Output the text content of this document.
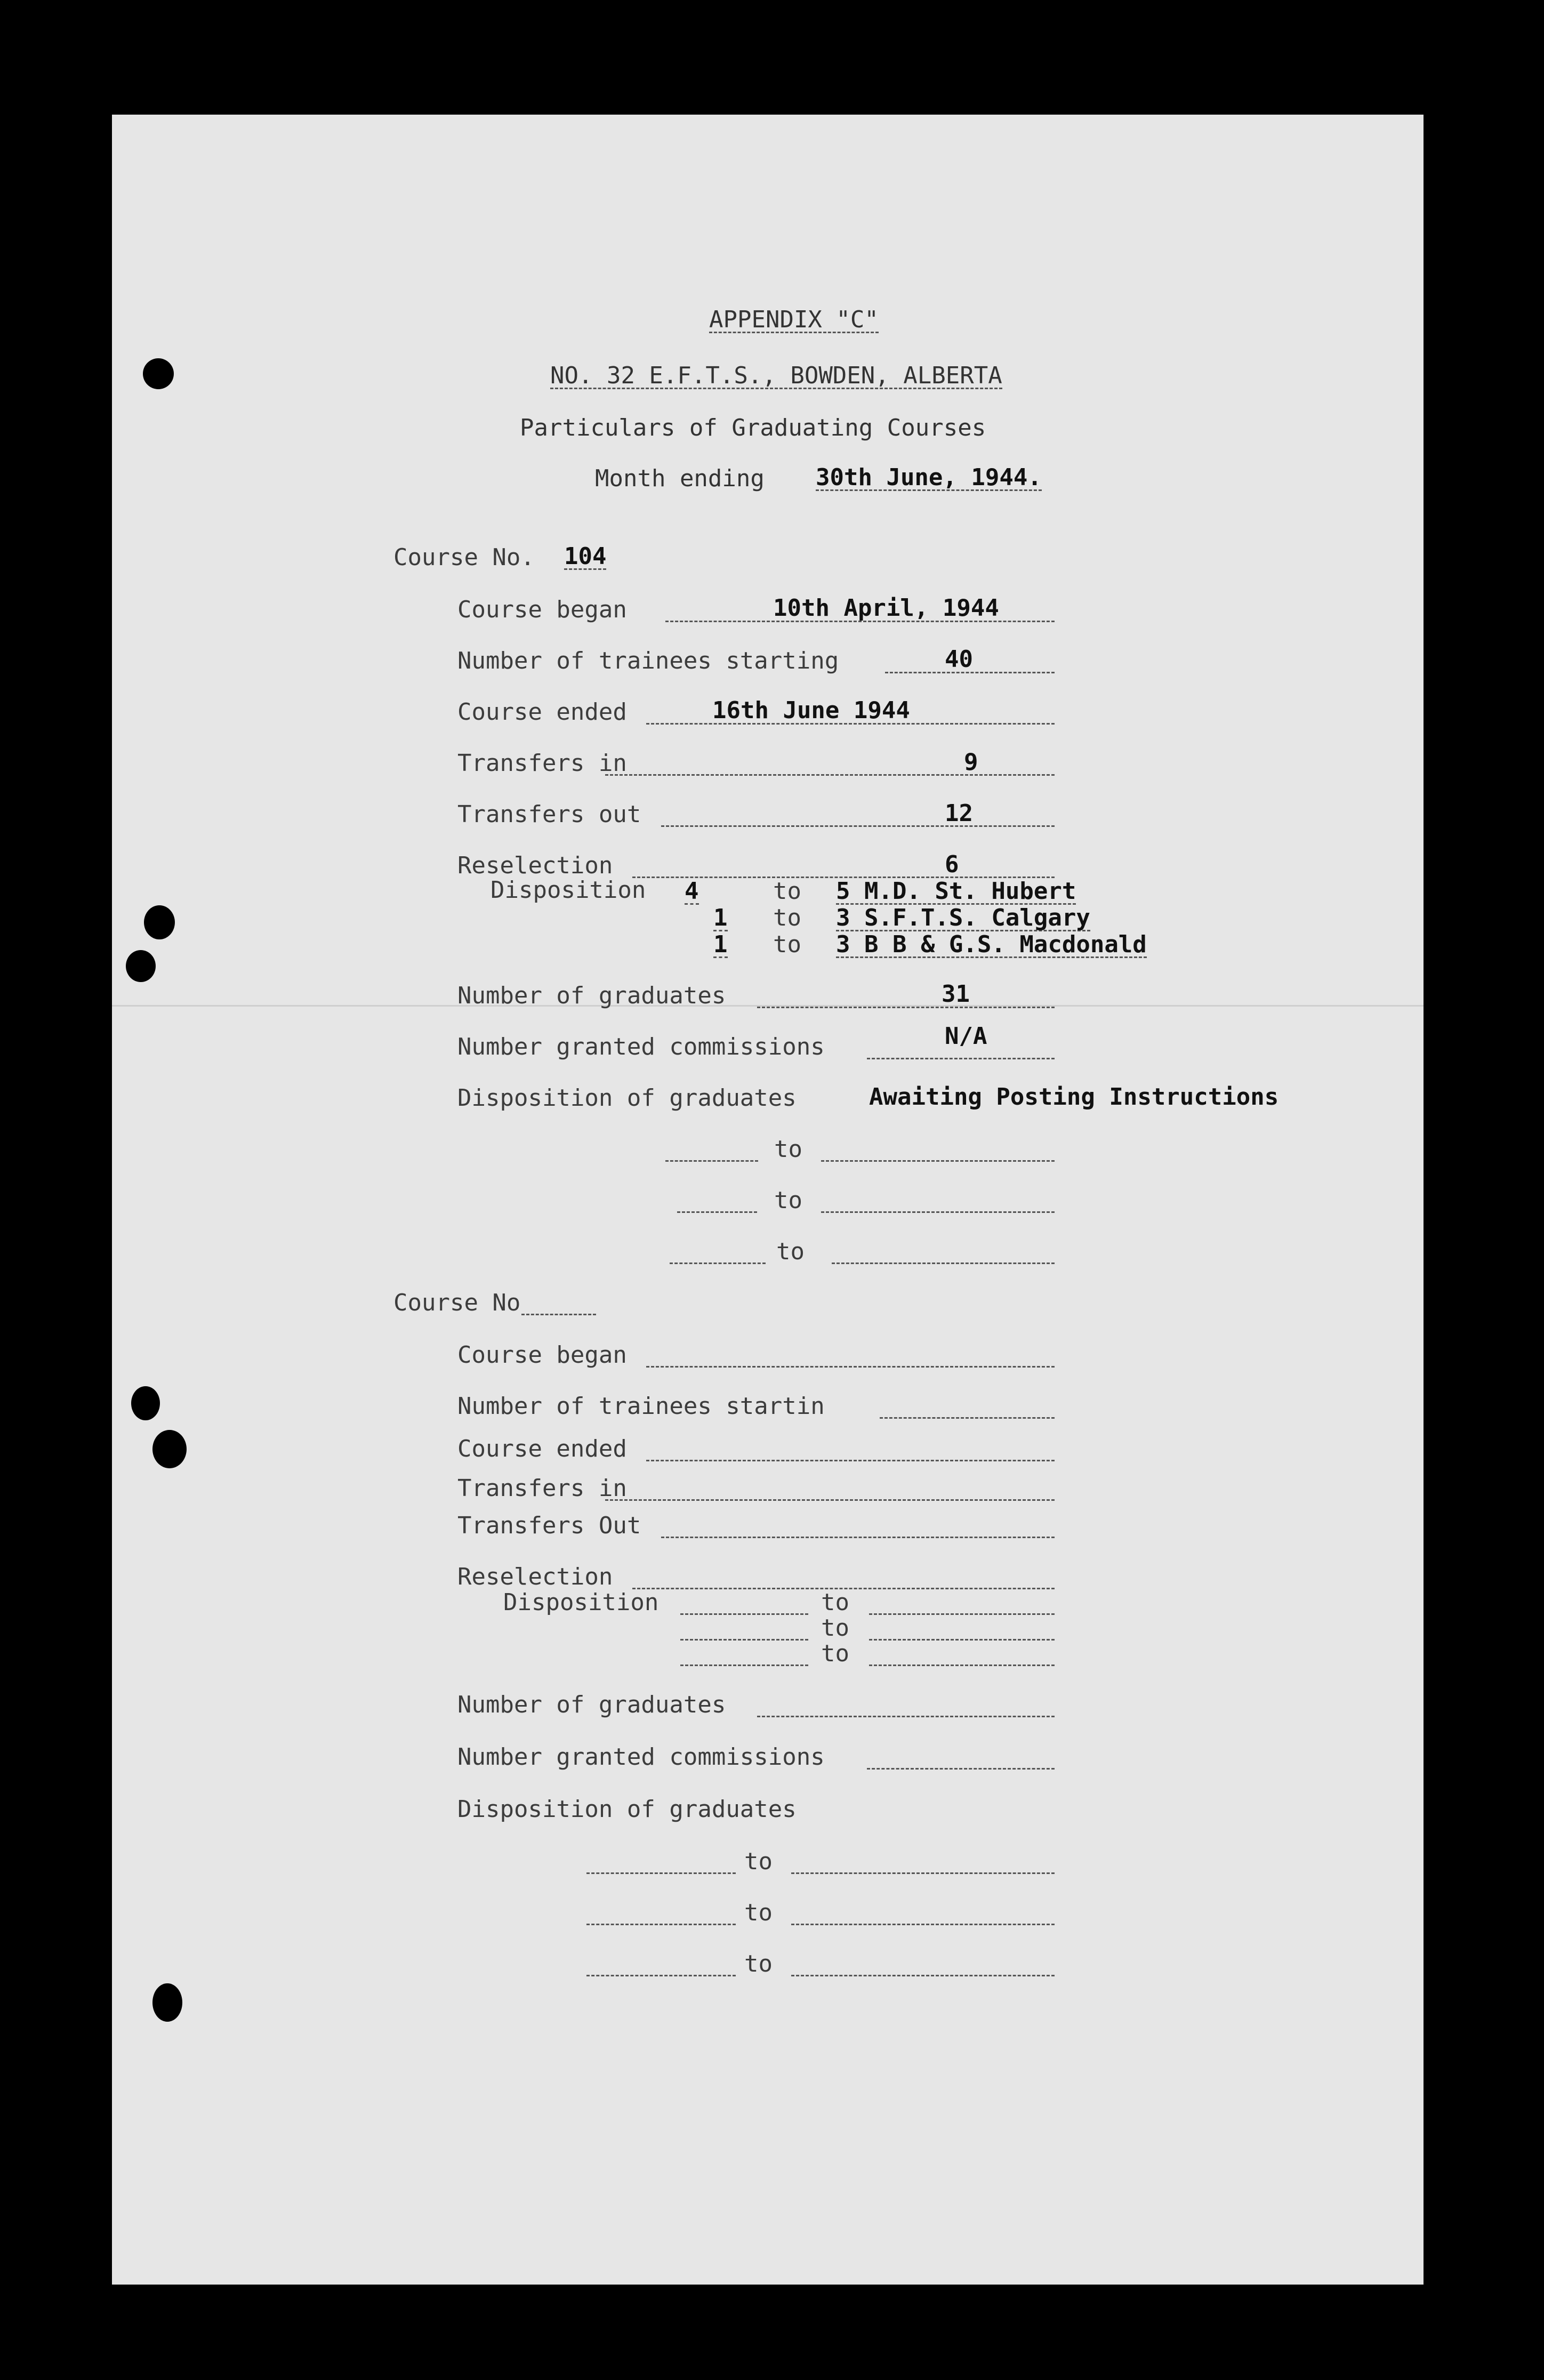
APPENDIX "C"
NO. 32 E.F.T.S., BOWDEN, ALBERTA
Particulars of Graduating Courses
Month ending 30th June, 1944.
Course No. 104
Course began	10th April, 1944
Number of trainees starting	40
Course ended	16th June 1944
Transfers in	9
Transfers out	12
Reselection	6
Disposition 4	to 5 M.D. St. Hubert
1 to 3 S.F.T.S. Calgary
1 to 3 B B & G.S. Macdonald
Number of graduates	31
Number granted commissions	N/A
Disposition of graduates	Awaiting Posting Instructions
to
to
to
Course No
Course began
Number of trainees startin
Course ended
Transfers in
Transfers Out
Reselection
Disposition	to
to
to
Number of graduates
Number granted commissions
Disposition of graduates
to
to
to
